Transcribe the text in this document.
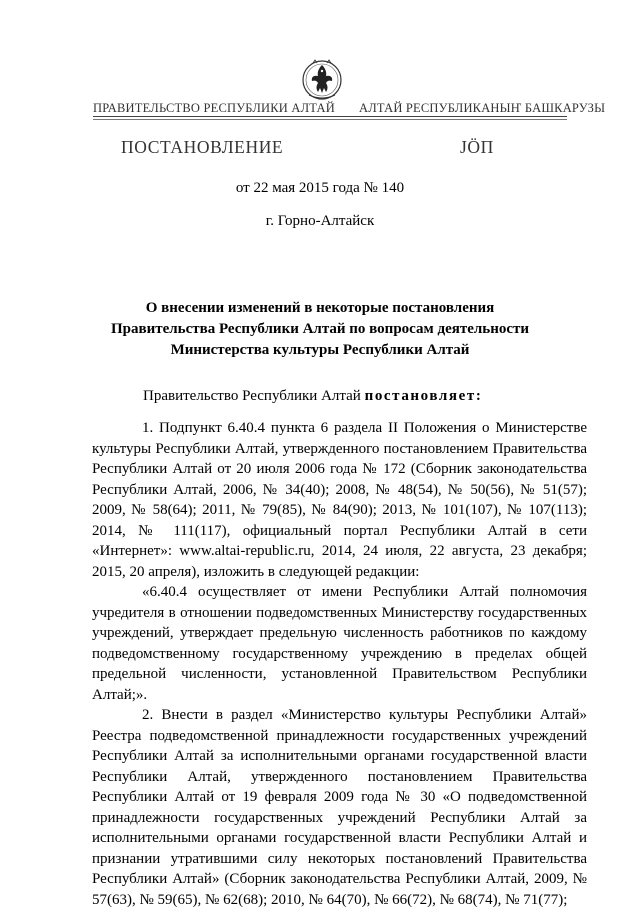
ПРАВИТЕЛЬСТВО РЕСПУБЛИКИ АЛТАЙ АЛТАЙ РЕСПУБЛИКАНЫҤ БАШКАРУЗЫ
ПОСТАНОВЛЕНИЕ	JӦП
от 22 мая 2015 года № 140
г. Горно-Алтайск
О внесении изменений в некоторые постановления
Правительства Республики Алтай по вопросам деятельности
Министерства культуры Республики Алтай
Правительство Республики Алтай постановляет:

1. Подпункт 6.40.4 пункта 6 раздела II Положения о Министерстве культуры Республики Алтай, утвержденного постановлением Правительства Республики Алтай от 20 июля 2006 года № 172 (Сборник законодательства Республики Алтай, 2006, № 34(40); 2008, № 48(54), № 50(56), № 51(57); 2009, № 58(64); 2011, № 79(85), № 84(90); 2013, № 101(107), № 107(113); 2014, № 111(117), официальный портал Республики Алтай в сети «Интернет»: www.altai-republic.ru, 2014, 24 июля, 22 августа, 23 декабря; 2015, 20 апреля), изложить в следующей редакции:

«6.40.4 осуществляет от имени Республики Алтай полномочия учредителя в отношении подведомственных Министерству государственных учреждений, утверждает предельную численность работников по каждому подведомственному государственному учреждению в пределах общей предельной численности, установленной Правительством Республики Алтай;».

2. Внести в раздел «Министерство культуры Республики Алтай» Реестра подведомственной принадлежности государственных учреждений Республики Алтай за исполнительными органами государственной власти Республики Алтай, утвержденного постановлением Правительства Республики Алтай от 19 февраля 2009 года № 30 «О подведомственной принадлежности государственных учреждений Республики Алтай за исполнительными органами государственной власти Республики Алтай и признании утратившими силу некоторых постановлений Правительства Республики Алтай» (Сборник законодательства Республики Алтай, 2009, № 57(63), № 59(65), № 62(68); 2010, № 64(70), № 66(72), № 68(74), № 71(77);
